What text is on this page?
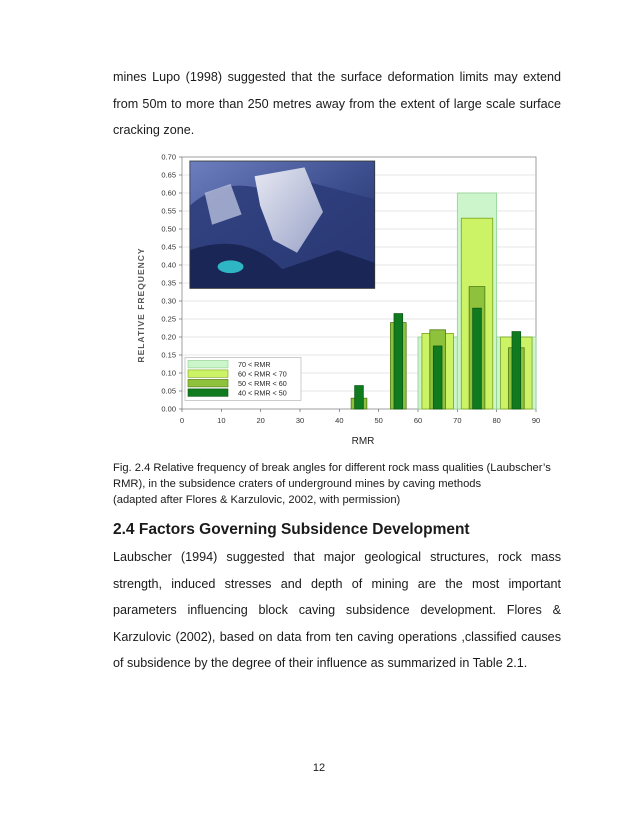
mines Lupo (1998) suggested that the surface deformation limits may extend from 50m to more than 250 metres away from the extent of large scale surface cracking zone.

0.00
0.05
0.10
0.15
0.20
0.25
0.30
0.35
0.40
0.45
0.50
0.55
0.60
0.65
0.70
0	10	20	30	40	50	60	70	80	90
70 < RMR
60 < RMR < 70
50 < RMR < 60
40 < RMR < 50
RELATIVE FREQUENCY
RMR
Fig. 2.4 Relative frequency of break angles for different rock mass qualities (Laubscher’s
RMR), in the subsidence craters of underground mines by caving methods
(adapted after Flores & Karzulovic, 2002, with permission)
2.4 Factors Governing Subsidence Development

Laubscher (1994) suggested that major geological structures, rock mass strength, induced stresses and depth of mining are the most important parameters influencing block caving subsidence development. Flores & Karzulovic (2002), based on data from ten caving operations ,classified causes of subsidence by the degree of their influence as summarized in Table 2.1.

12
